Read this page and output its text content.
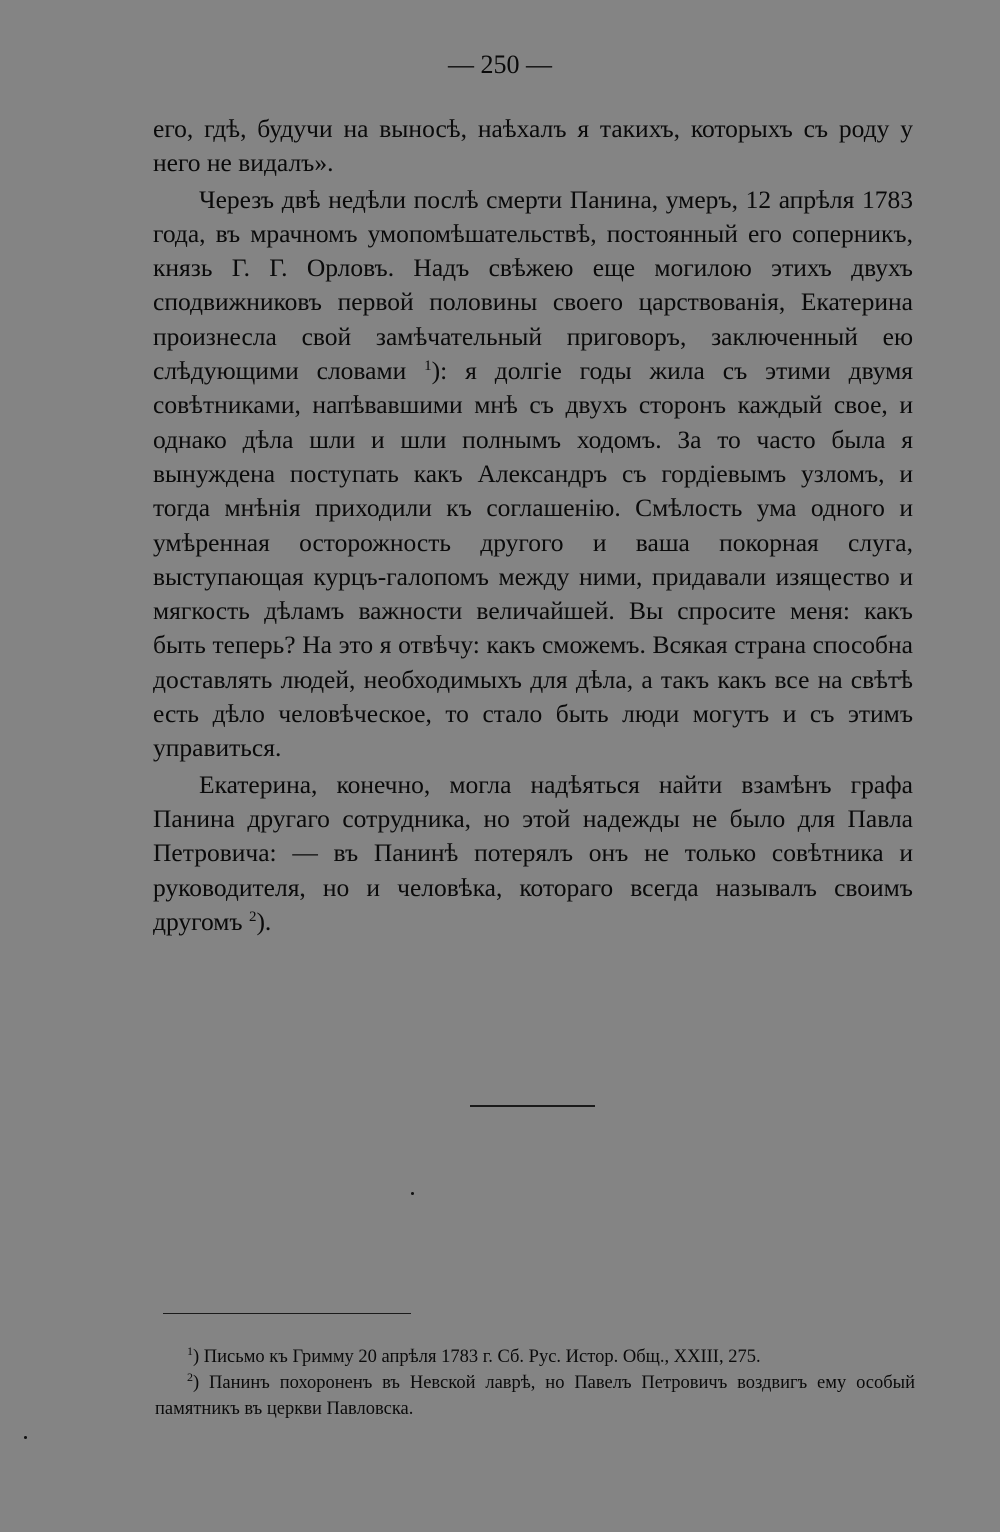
— 250 —

его, гдѣ, будучи на выносѣ, наѣхалъ я такихъ, которыхъ съ роду у него не видалъ».

Черезъ двѣ недѣли послѣ смерти Панина, умеръ, 12 апрѣля 1783 года, въ мрачномъ умопомѣшательствѣ, постоянный его соперникъ, князь Г. Г. Орловъ. Надъ свѣжею еще могилою этихъ двухъ сподвижниковъ первой половины своего царствованія, Екатерина произнесла свой замѣчательный приговоръ, заключенный ею слѣдующими словами $^1$): я долгіе годы жила съ этими двумя совѣтниками, напѣвавшими мнѣ съ двухъ сторонъ каждый свое, и однако дѣла шли и шли полнымъ ходомъ. За то часто была я вынуждена поступать какъ Александръ съ гордіевымъ узломъ, и тогда мнѣнія приходили къ соглашенію. Смѣлость ума одного и умѣренная осторожность другого и ваша покорная слуга, выступающая курцъ-галопомъ между ними, придавали изящество и мягкость дѣламъ важности величайшей. Вы спросите меня: какъ быть теперь? На это я отвѣчу: какъ сможемъ. Всякая страна способна доставлять людей, необходимыхъ для дѣла, а такъ какъ все на свѣтѣ есть дѣло человѣческое, то стало быть люди могутъ и съ этимъ управиться.

Екатерина, конечно, могла надѣяться найти взамѣнъ графа Панина другаго сотрудника, но этой надежды не было для Павла Петровича: — въ Панинѣ потерялъ онъ не только совѣтника и руководителя, но и человѣка, котораго всегда называлъ своимъ другомъ $^2$).

$^1$) Письмо къ Гримму 20 апрѣля 1783 г. Сб. Рус. Истор. Общ., XXIII, 275.

$^2$) Панинъ похороненъ въ Невской лаврѣ, но Павелъ Петровичъ воздвигъ ему особый памятникъ въ церкви Павловска.
